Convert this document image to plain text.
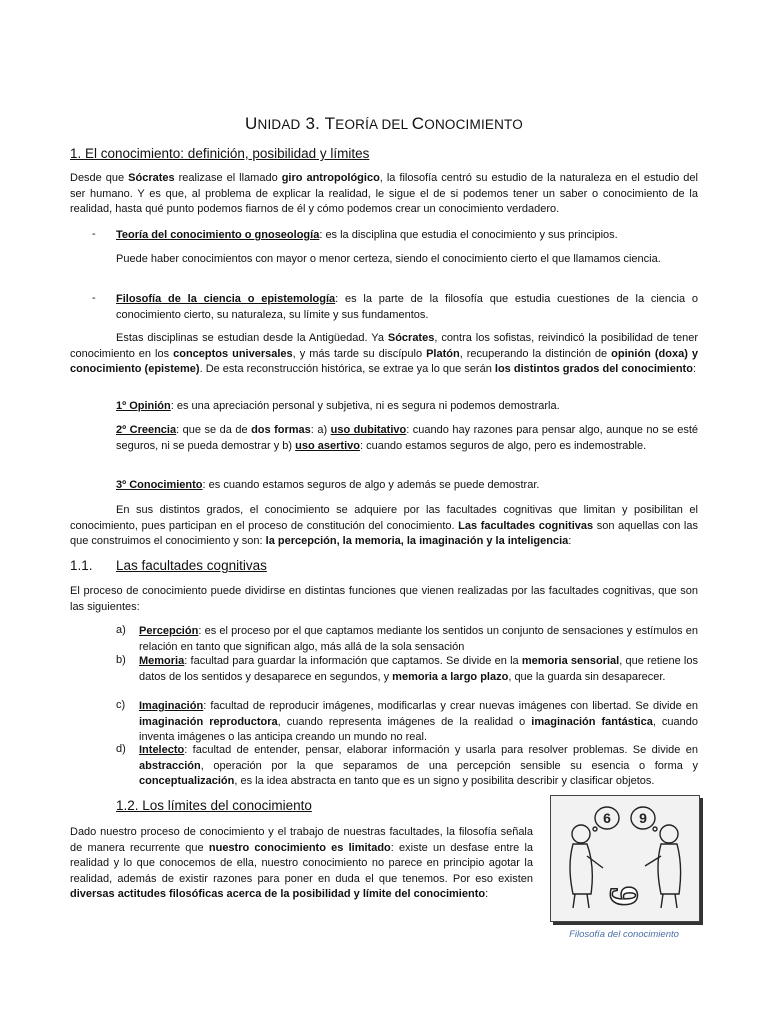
UNIDAD 3. TEORÍA DEL CONOCIMIENTO
1. El conocimiento: definición, posibilidad y límites

Desde que Sócrates realizase el llamado giro antropológico, la filosofía centró su estudio de la naturaleza en el estudio del ser humano. Y es que, al problema de explicar la realidad, le sigue el de si podemos tener un saber o conocimiento de la realidad, hasta qué punto podemos fiarnos de él y cómo podemos crear un conocimiento verdadero.

- Teoría del conocimiento o gnoseología: es la disciplina que estudia el conocimiento y sus principios.

Puede haber conocimientos con mayor o menor certeza, siendo el conocimiento cierto el que llamamos ciencia.

- Filosofía de la ciencia o epistemología: es la parte de la filosofía que estudia cuestiones de la ciencia o conocimiento cierto, su naturaleza, su límite y sus fundamentos.

Estas disciplinas se estudian desde la Antigüedad. Ya Sócrates, contra los sofistas, reivindicó la posibilidad de tener conocimiento en los conceptos universales, y más tarde su discípulo Platón, recuperando la distinción de opinión (doxa) y conocimiento (episteme). De esta reconstrucción histórica, se extrae ya lo que serán los distintos grados del conocimiento:

1º Opinión: es una apreciación personal y subjetiva, ni es segura ni podemos demostrarla.

2º Creencia: que se da de dos formas: a) uso dubitativo: cuando hay razones para pensar algo, aunque no se esté seguros, ni se pueda demostrar y b) uso asertivo: cuando estamos seguros de algo, pero es indemostrable.

3º Conocimiento: es cuando estamos seguros de algo y además se puede demostrar.

En sus distintos grados, el conocimiento se adquiere por las facultades cognitivas que limitan y posibilitan el conocimiento, pues participan en el proceso de constitución del conocimiento. Las facultades cognitivas son aquellas con las que construimos el conocimiento y son: la percepción, la memoria, la imaginación y la inteligencia:

1.1. Las facultades cognitivas

El proceso de conocimiento puede dividirse en distintas funciones que vienen realizadas por las facultades cognitivas, que son las siguientes:

a) Percepción: es el proceso por el que captamos mediante los sentidos un conjunto de sensaciones y estímulos en relación en tanto que significan algo, más allá de la sola sensación

b) Memoria: facultad para guardar la información que captamos. Se divide en la memoria sensorial, que retiene los datos de los sentidos y desaparece en segundos, y memoria a largo plazo, que la guarda sin desaparecer.

c) Imaginación: facultad de reproducir imágenes, modificarlas y crear nuevas imágenes con libertad. Se divide en imaginación reproductora, cuando representa imágenes de la realidad o imaginación fantástica, cuando inventa imágenes o las anticipa creando un mundo no real.

d) Intelecto: facultad de entender, pensar, elaborar información y usarla para resolver problemas. Se divide en abstracción, operación por la que separamos de una percepción sensible su esencia o forma y conceptualización, es la idea abstracta en tanto que es un signo y posibilita describir y clasificar objetos.

1.2. Los límites del conocimiento

Dado nuestro proceso de conocimiento y el trabajo de nuestras facultades, la filosofía señala de manera recurrente que nuestro conocimiento es limitado: existe un desfase entre la realidad y lo que conocemos de ella, nuestro conocimiento no parece en principio agotar la realidad, además de existir razones para poner en duda el que tenemos. Por eso existen diversas actitudes filosóficas acerca de la posibilidad y límite del conocimiento:

6 9
6
Filosofía del conocimiento
